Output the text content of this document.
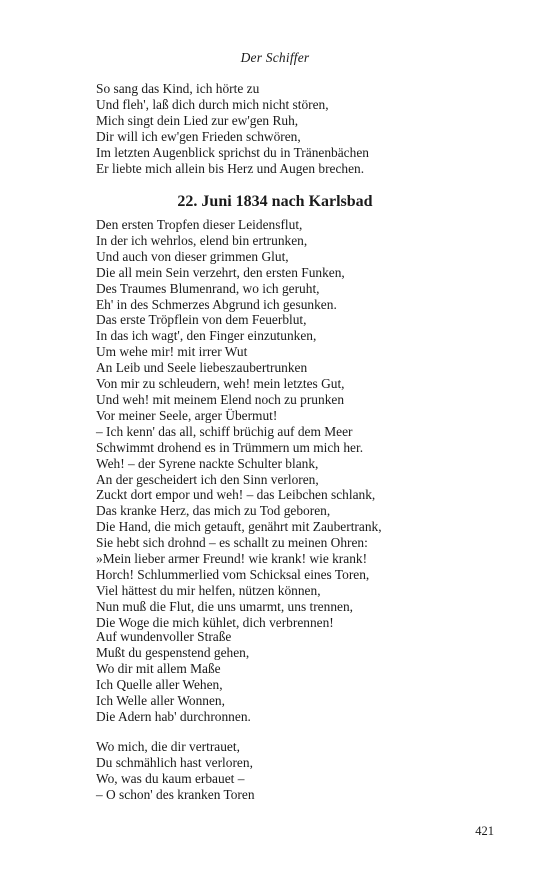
Der Schiffer
So sang das Kind, ich hörte zu
Und fleh', laß dich durch mich nicht stören,
Mich singt dein Lied zur ew'gen Ruh,
Dir will ich ew'gen Frieden schwören,
Im letzten Augenblick sprichst du in Tränenbächen
Er liebte mich allein bis Herz und Augen brechen.
22. Juni 1834 nach Karlsbad
Den ersten Tropfen dieser Leidensflut,
In der ich wehrlos, elend bin ertrunken,
Und auch von dieser grimmen Glut,
Die all mein Sein verzehrt, den ersten Funken,
Des Traumes Blumenrand, wo ich geruht,
Eh' in des Schmerzes Abgrund ich gesunken.
Das erste Tröpflein von dem Feuerblut,
In das ich wagt', den Finger einzutunken,
Um wehe mir! mit irrer Wut
An Leib und Seele liebeszaubertrunken
Von mir zu schleudern, weh! mein letztes Gut,
Und weh! mit meinem Elend noch zu prunken
Vor meiner Seele, arger Übermut!
– Ich kenn' das all, schiff brüchig auf dem Meer
Schwimmt drohend es in Trümmern um mich her.
Weh! – der Syrene nackte Schulter blank,
An der gescheidert ich den Sinn verloren,
Zuckt dort empor und weh! – das Leibchen schlank,
Das kranke Herz, das mich zu Tod geboren,
Die Hand, die mich getauft, genährt mit Zaubertrank,
Sie hebt sich drohnd – es schallt zu meinen Ohren:
»Mein lieber armer Freund! wie krank! wie krank!
Horch! Schlummerlied vom Schicksal eines Toren,
Viel hättest du mir helfen, nützen können,
Nun muß die Flut, die uns umarmt, uns trennen,
Die Woge die mich kühlet, dich verbrennen!
Auf wundenvoller Straße
Mußt du gespenstend gehen,
Wo dir mit allem Maße
Ich Quelle aller Wehen,
Ich Welle aller Wonnen,
Die Adern hab' durchronnen.
Wo mich, die dir vertrauet,
Du schmählich hast verloren,
Wo, was du kaum erbauet –
– O schon' des kranken Toren
421
